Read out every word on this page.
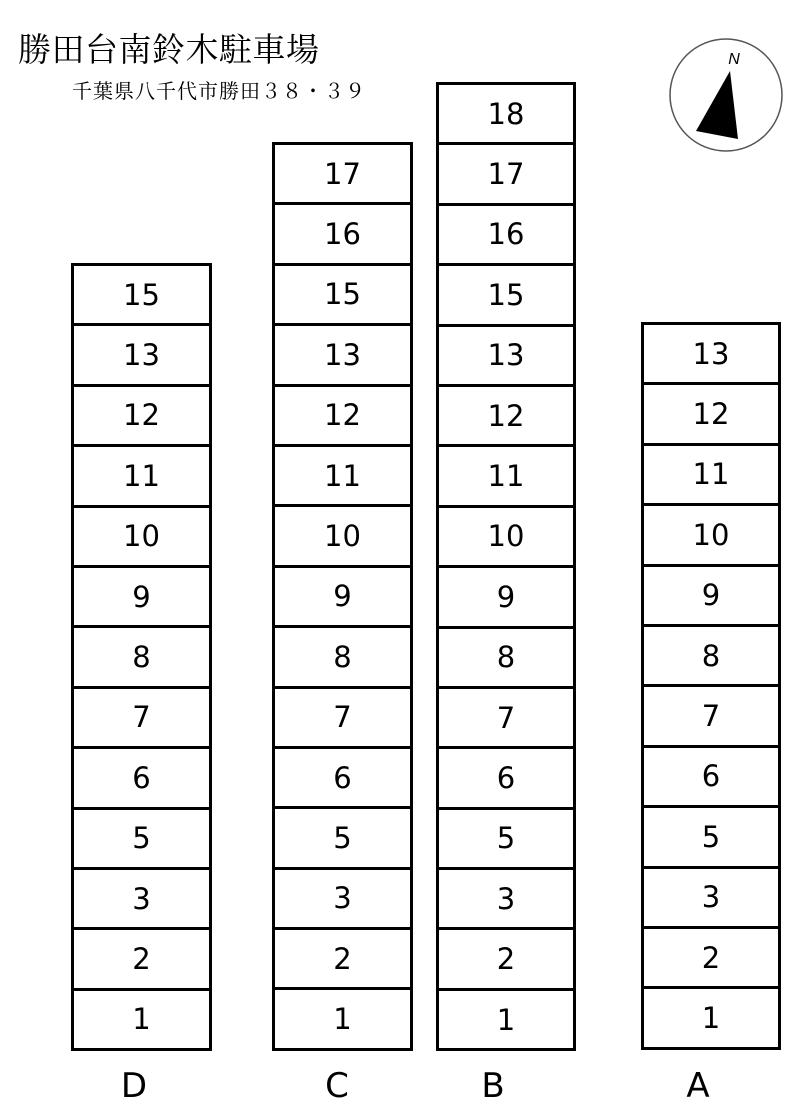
勝田台南鈴木駐車場
千葉県八千代市勝田３８・３９
N
15
13
12
11
10
9
8
7
6
5
3
2
1
D
17
16
15
13
12
11
10
9
8
7
6
5
3
2
1
C
18
17
16
15
13
12
11
10
9
8
7
6
5
3
2
1
B
13
12
11
10
9
8
7
6
5
3
2
1
A
